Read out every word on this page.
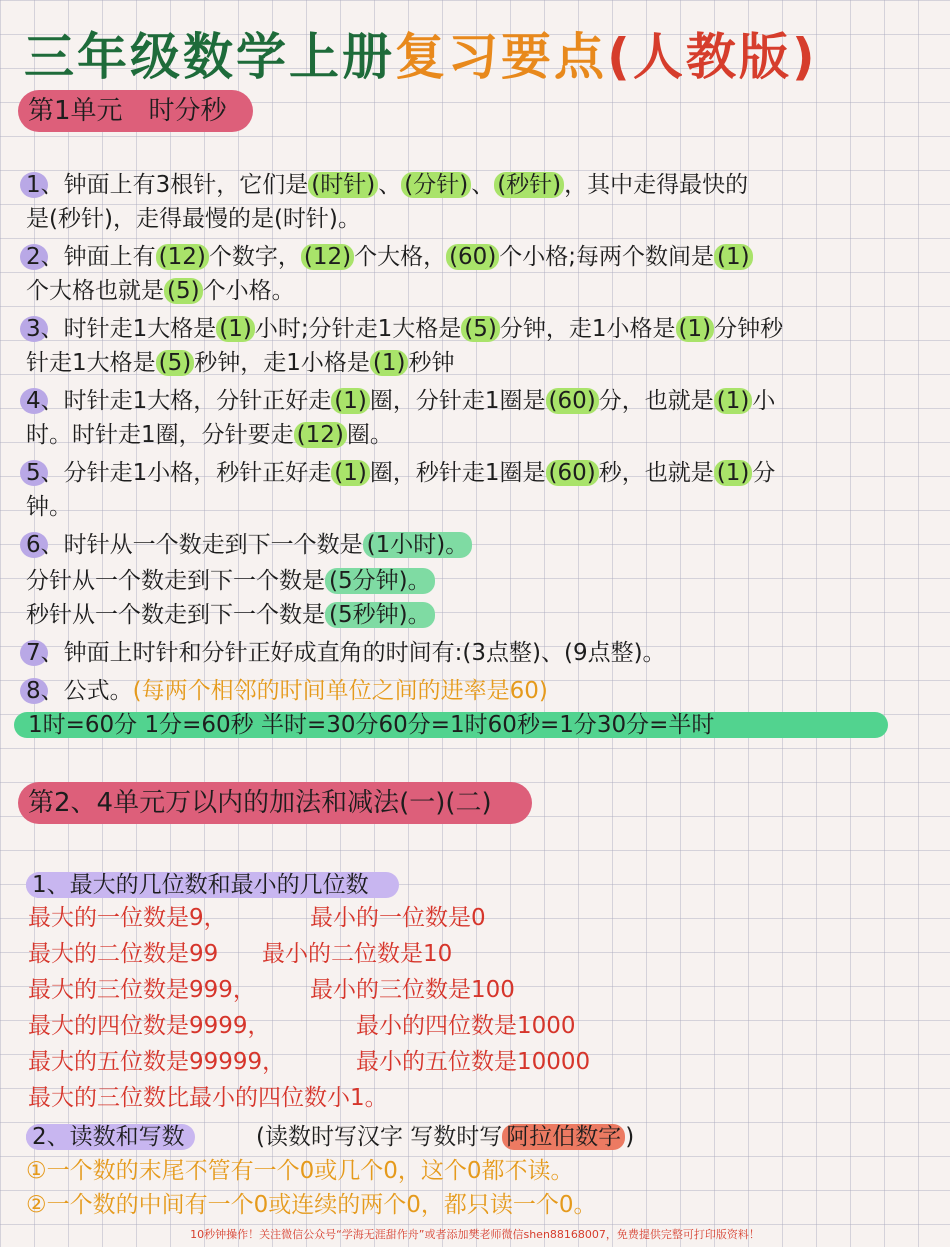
三年级数学上册复习要点(人教版)
第1单元　时分秒
1、钟面上有3根针，它们是 (时针) 、 (分针) 、 (秒针) ，其中走得最快的
是(秒针)，走得最慢的是(时针)。
2、钟面上有 (12) 个数字， (12) 个大格， (60) 个小格;每两个数间是 (1)
个大格也就是 (5) 个小格。
3、时针走1大格是 (1) 小时;分针走1大格是 (5) 分钟，走1小格是 (1) 分钟秒
针走1大格是 (5) 秒钟，走1小格是 (1) 秒钟
4、时针走1大格，分针正好走 (1) 圈，分针走1圈是 (60) 分，也就是 (1) 小
时。时针走1圈，分针要走 (12) 圈。
5、分针走1小格，秒针正好走 (1) 圈，秒针走1圈是 (60) 秒，也就是 (1) 分
钟。
6、时针从一个数走到下一个数是 (1小时)。
分针从一个数走到下一个数是 (5分钟)。
秒针从一个数走到下一个数是 (5秒钟)。
7、钟面上时针和分针正好成直角的时间有:(3点整)、(9点整)。
8、公式。(每两个相邻的时间单位之间的进率是60)
1时=60分 1分=60秒 半时=30分60分=1时60秒=1分30分=半时
第2、4单元万以内的加法和减法(一)(二)
1、最大的几位数和最小的几位数
最大的一位数是9，	最小的一位数是0
最大的二位数是99 最小的二位数是10
最大的三位数是999， 最小的三位数是100
最大的四位数是9999，	最小的四位数是1000
最大的五位数是99999，	最小的五位数是10000
最大的三位数比最小的四位数小1。
2、读数和写数	(读数时写汉字 写数时写 阿拉伯数字 )
①一个数的末尾不管有一个0或几个0，这个0都不读。
②一个数的中间有一个0或连续的两个0，都只读一个0。
10秒钟操作！关注微信公众号“学海无涯甜作舟”或者添加樊老师微信shen88168007，免费提供完整可打印版资料！
